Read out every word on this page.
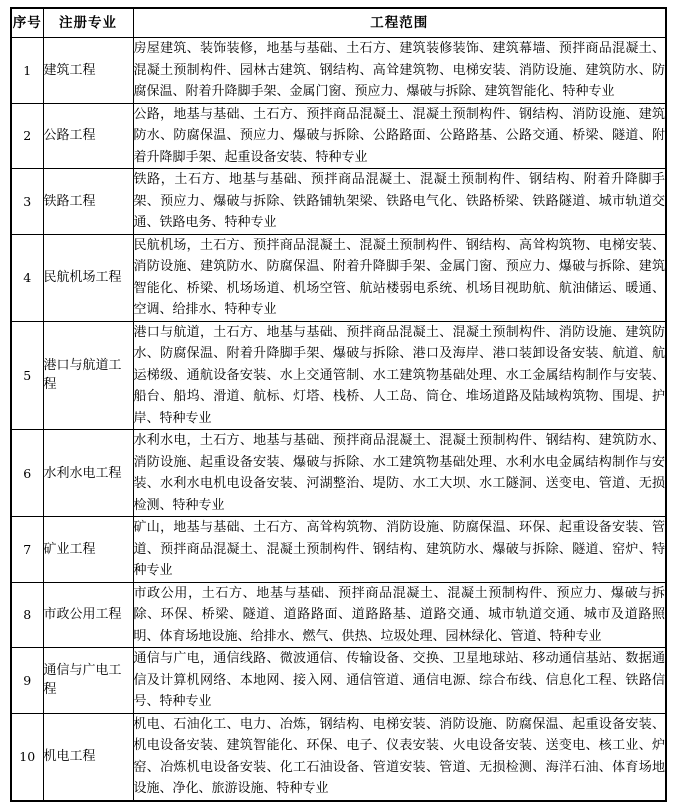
序号	注册专业	工程范围
1	建筑工程	房屋建筑、装饰装修，地基与基础、土石方、建筑装修装饰、建筑幕墙、预拌商品混凝土、混凝土预制构件、园林古建筑、钢结构、高耸建筑物、电梯安装、消防设施、建筑防水、防腐保温、附着升降脚手架、金属门窗、预应力、爆破与拆除、建筑智能化、特种专业
2	公路工程	公路，地基与基础、土石方、预拌商品混凝土、混凝土预制构件、钢结构、消防设施、建筑防水、防腐保温、预应力、爆破与拆除、公路路面、公路路基、公路交通、桥梁、隧道、附着升降脚手架、起重设备安装、特种专业
3	铁路工程	铁路，土石方、地基与基础、预拌商品混凝土、混凝土预制构件、钢结构、附着升降脚手架、预应力、爆破与拆除、铁路铺轨架梁、铁路电气化、铁路桥梁、铁路隧道、城市轨道交通、铁路电务、特种专业
4	民航机场工程	民航机场，土石方、预拌商品混凝土、混凝土预制构件、钢结构、高耸构筑物、电梯安装、消防设施、建筑防水、防腐保温、附着升降脚手架、金属门窗、预应力、爆破与拆除、建筑智能化、桥梁、机场场道、机场空管、航站楼弱电系统、机场目视助航、航油储运、暖通、空调、给排水、特种专业
5	港口与航道工程	港口与航道，土石方、地基与基础、预拌商品混凝土、混凝土预制构件、消防设施、建筑防水、防腐保温、附着升降脚手架、爆破与拆除、港口及海岸、港口装卸设备安装、航道、航运梯级、通航设备安装、水上交通管制、水工建筑物基础处理、水工金属结构制作与安装、船台、船坞、滑道、航标、灯塔、栈桥、人工岛、筒仓、堆场道路及陆域构筑物、围堤、护岸、特种专业
6	水利水电工程	水利水电，土石方、地基与基础、预拌商品混凝土、混凝土预制构件、钢结构、建筑防水、消防设施、起重设备安装、爆破与拆除、水工建筑物基础处理、水利水电金属结构制作与安装、水利水电机电设备安装、河湖整治、堤防、水工大坝、水工隧洞、送变电、管道、无损检测、特种专业
7	矿业工程	矿山，地基与基础、土石方、高耸构筑物、消防设施、防腐保温、环保、起重设备安装、管道、预拌商品混凝土、混凝土预制构件、钢结构、建筑防水、爆破与拆除、隧道、窑炉、特种专业
8	市政公用工程	市政公用，土石方、地基与基础、预拌商品混凝土、混凝土预制构件、预应力、爆破与拆除、环保、桥梁、隧道、道路路面、道路路基、道路交通、城市轨道交通、城市及道路照明、体育场地设施、给排水、燃气、供热、垃圾处理、园林绿化、管道、特种专业
9	通信与广电工程	通信与广电，通信线路、微波通信、传输设备、交换、卫星地球站、移动通信基站、数据通信及计算机网络、本地网、接入网、通信管道、通信电源、综合布线、信息化工程、铁路信号、特种专业
10	机电工程	机电、石油化工、电力、冶炼，钢结构、电梯安装、消防设施、防腐保温、起重设备安装、机电设备安装、建筑智能化、环保、电子、仪表安装、火电设备安装、送变电、核工业、炉窑、冶炼机电设备安装、化工石油设备、管道安装、管道、无损检测、海洋石油、体育场地设施、净化、旅游设施、特种专业
